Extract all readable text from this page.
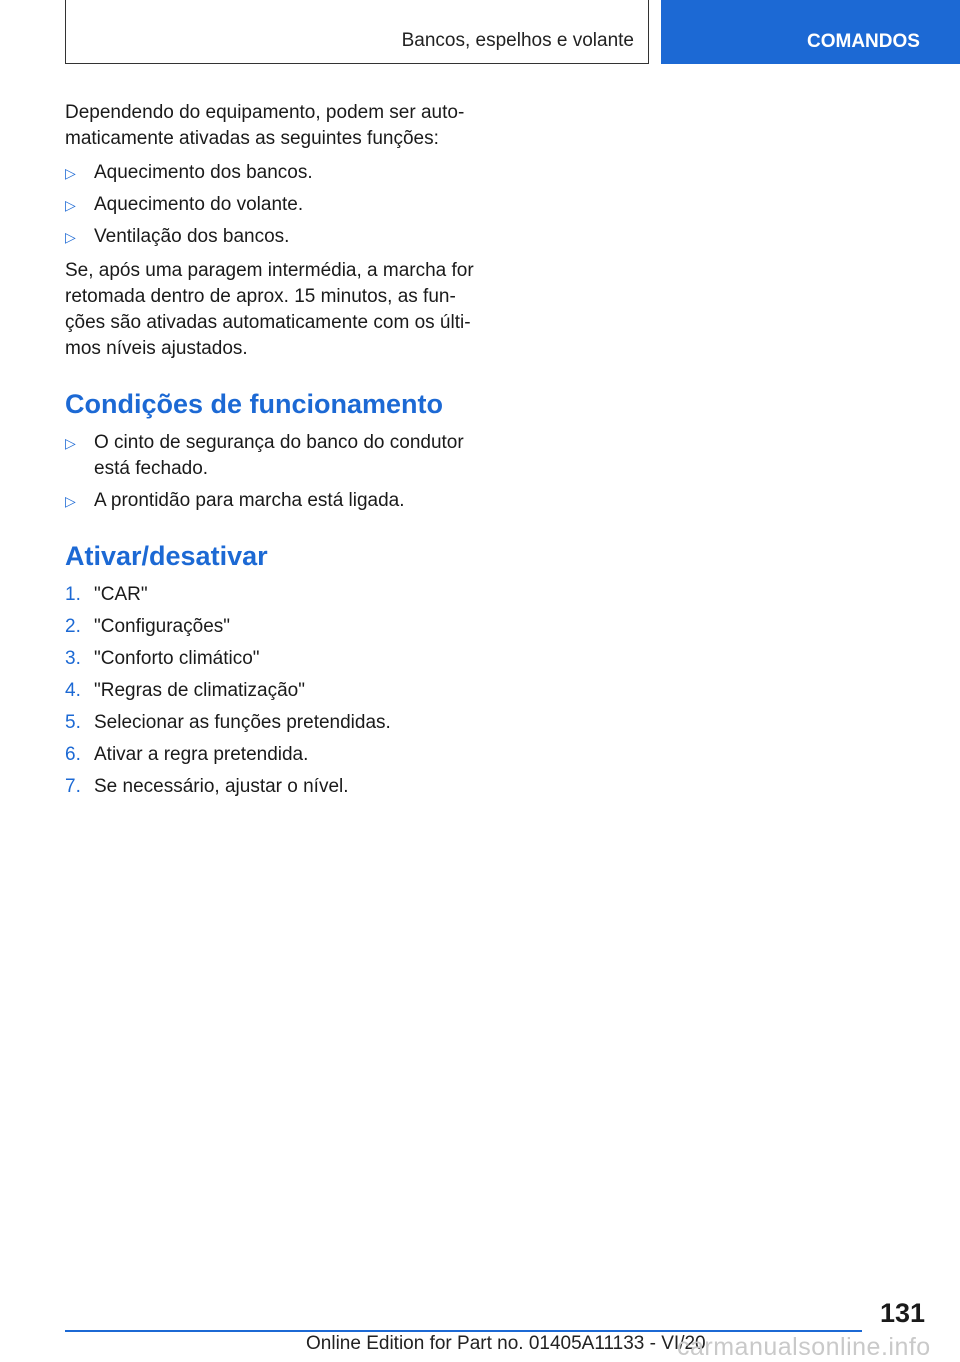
Bancos, espelhos e volante	COMANDOS

Dependendo do equipamento, podem ser auto-maticamente ativadas as seguintes funções:

▷ Aquecimento dos bancos.
▷ Aquecimento do volante.
▷ Ventilação dos bancos.

Se, após uma paragem intermédia, a marcha for retomada dentro de aprox. 15 minutos, as fun-ções são ativadas automaticamente com os últi-mos níveis ajustados.

Condições de funcionamento
▷ O cinto de segurança do banco do condutor está fechado.
▷ A prontidão para marcha está ligada.
Ativar/desativar
1. "CAR"
2. "Configurações"
3. "Conforto climático"
4. "Regras de climatização"
5. Selecionar as funções pretendidas.
6. Ativar a regra pretendida.
7. Se necessário, ajustar o nível.
131
Online Edition for Part no. 01405A11133 - VI/20
carmanualsonline.info
